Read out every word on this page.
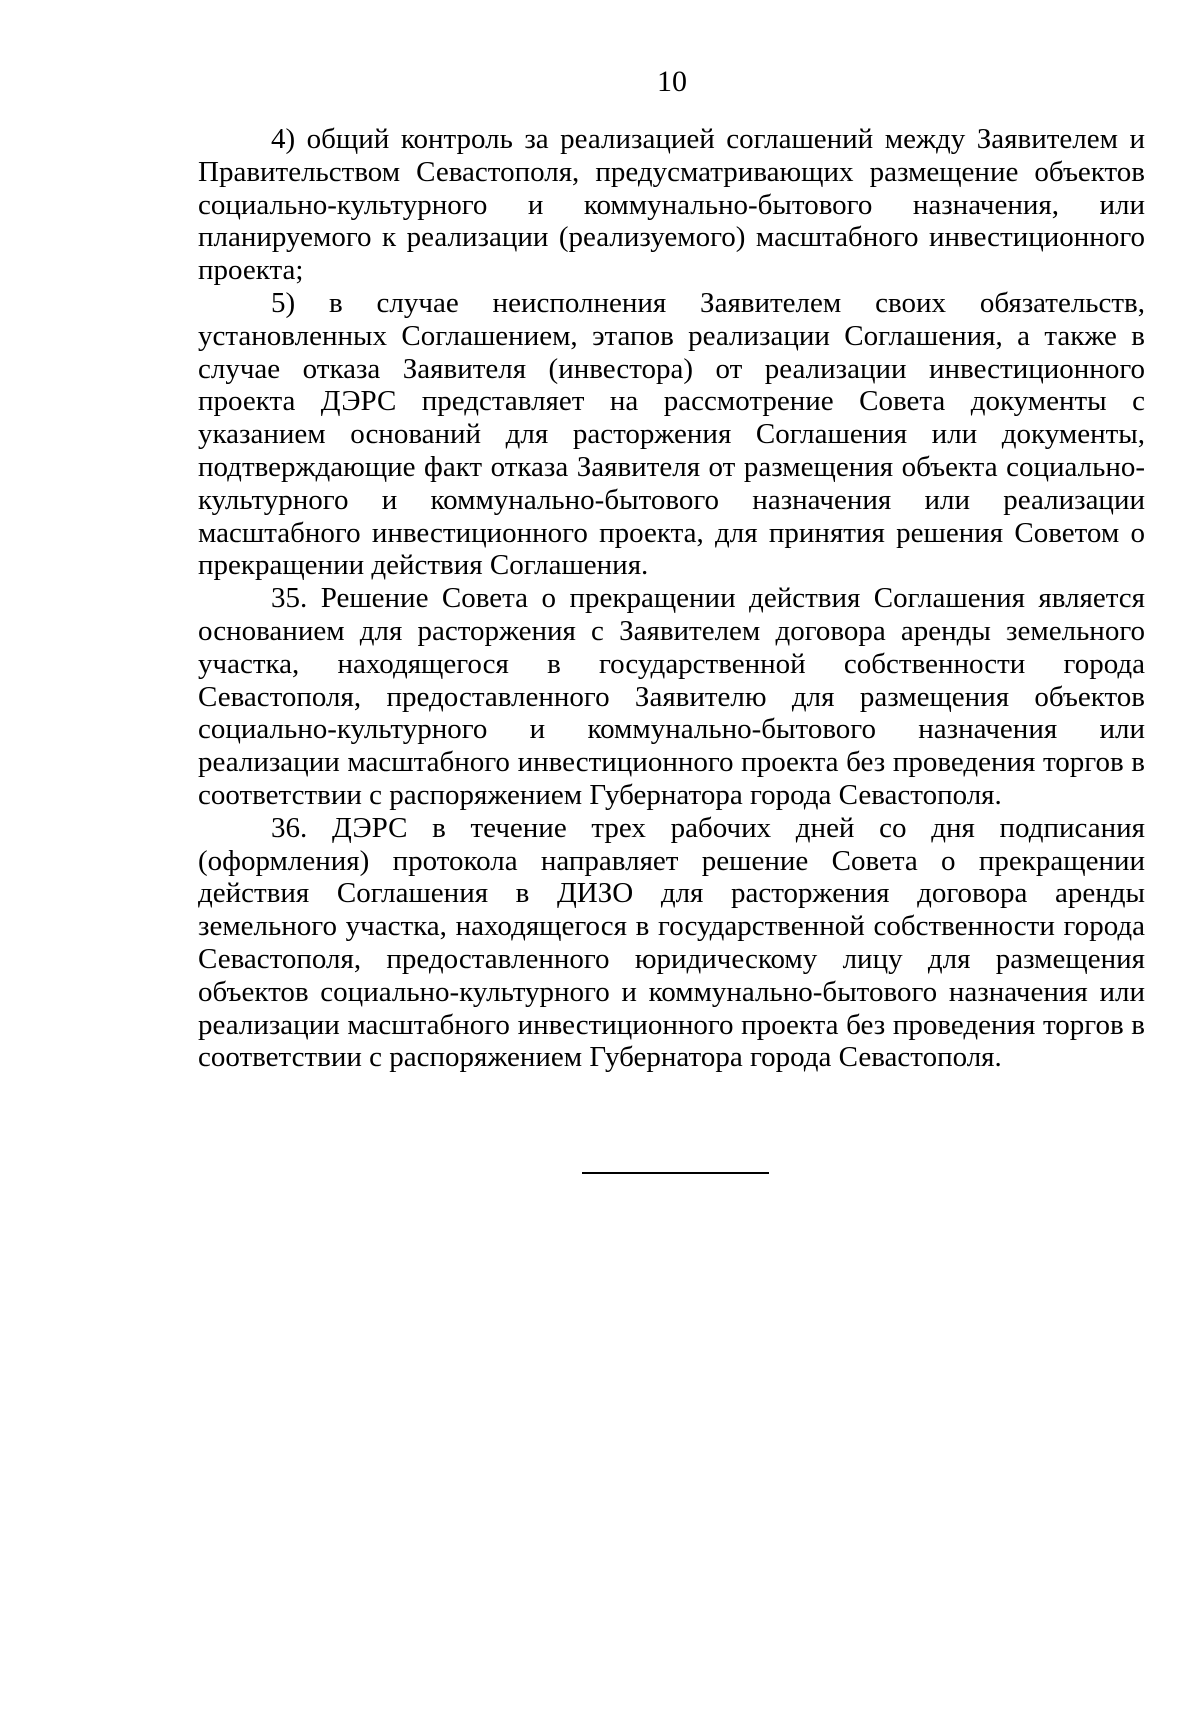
10

4) общий контроль за реализацией соглашений между Заявителем и Правительством Севастополя, предусматривающих размещение объектов социально-культурного и коммунально-бытового назначения, или планируемого к реализации (реализуемого) масштабного инвестиционного проекта;

5) в случае неисполнения Заявителем своих обязательств, установленных Соглашением, этапов реализации Соглашения, а также в случае отказа Заявителя (инвестора) от реализации инвестиционного проекта ДЭРС представляет на рассмотрение Совета документы с указанием оснований для расторжения Соглашения или документы, подтверждающие факт отказа Заявителя от размещения объекта социально-культурного и коммунально-бытового назначения или реализации масштабного инвестиционного проекта, для принятия решения Советом о прекращении действия Соглашения.

35. Решение Совета о прекращении действия Соглашения является основанием для расторжения с Заявителем договора аренды земельного участка, находящегося в государственной собственности города Севастополя, предоставленного Заявителю для размещения объектов социально-культурного и коммунально-бытового назначения или реализации масштабного инвестиционного проекта без проведения торгов в соответствии с распоряжением Губернатора города Севастополя.

36. ДЭРС в течение трех рабочих дней со дня подписания (оформления) протокола направляет решение Совета о прекращении действия Соглашения в ДИЗО для расторжения договора аренды земельного участка, находящегося в государственной собственности города Севастополя, предоставленного юридическому лицу для размещения объектов социально-культурного и коммунально-бытового назначения или реализации масштабного инвестиционного проекта без проведения торгов в соответствии с распоряжением Губернатора города Севастополя.
